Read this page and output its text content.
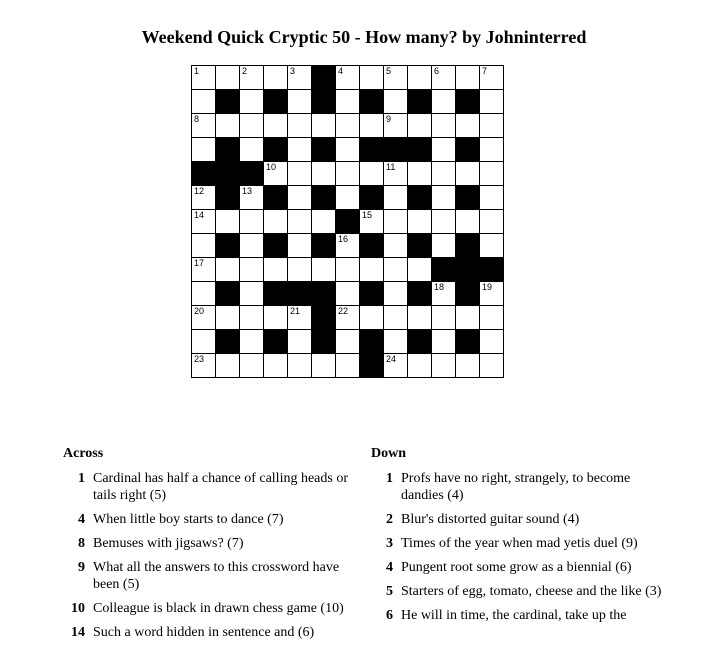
Weekend Quick Cryptic 50 - How many? by Johninterred
1		2		3		4		5		6		7

8								9				

			10					11				

12		13										

14							15					

						16						

17												

										18		19

20				21		22						

23								24				

Across
1 Cardinal has half a chance of calling heads or tails right (5)
4 When little boy starts to dance (7)
8 Bemuses with jigsaws? (7)
9 What all the answers to this crossword have been (5)
10 Colleague is black in drawn chess game (10)
14 Such a word hidden in sentence and (6)
Down
1 Profs have no right, strangely, to become dandies (4)
2 Blur's distorted guitar sound (4)
3 Times of the year when mad yetis duel (9)
4 Pungent root some grow as a biennial (6)
5 Starters of egg, tomato, cheese and the like (3)
6 He will in time, the cardinal, take up the
